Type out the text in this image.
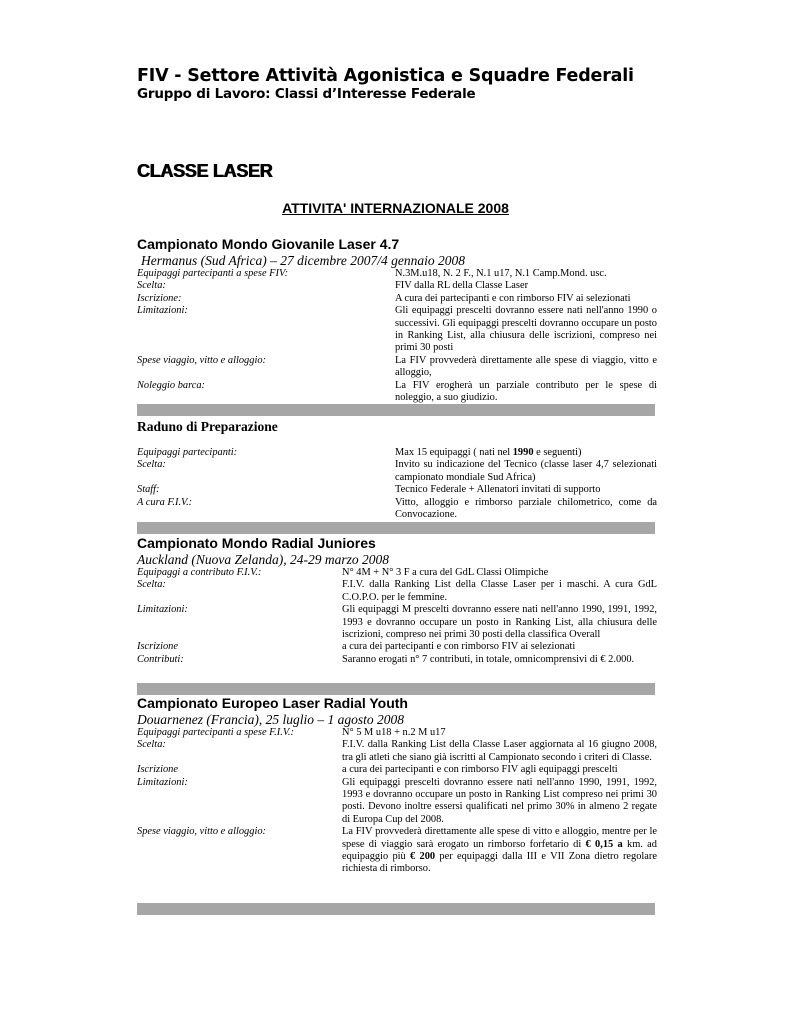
FIV - Settore Attività Agonistica e Squadre Federali
Gruppo di Lavoro: Classi d’Interesse Federale
CLASSE LASER
ATTIVITA' INTERNAZIONALE 2008
Campionato Mondo Giovanile Laser 4.7
Hermanus (Sud Africa) – 27 dicembre 2007/4 gennaio 2008
Equipaggi partecipanti a spese FIV:	N.3M.u18, N. 2 F., N.1 u17, N.1 Camp.Mond. usc.
Scelta:	FIV dalla RL della Classe Laser
Iscrizione:	A cura dei partecipanti e con rimborso FIV ai selezionati
Limitazioni:	Gli equipaggi prescelti dovranno essere nati nell'anno 1990 o successivi. Gli equipaggi prescelti dovranno occupare un posto in Ranking List, alla chiusura delle iscrizioni, compreso nei primi 30 posti
Spese viaggio, vitto e alloggio:	La FIV provvederà direttamente alle spese di viaggio, vitto e alloggio,
Noleggio barca:	La FIV erogherà un parziale contributo per le spese di noleggio, a suo giudizio.
Raduno di Preparazione
Equipaggi partecipanti:	Max 15 equipaggi ( nati nel 1990 e seguenti)
Scelta:	Invito su indicazione del Tecnico (classe laser 4,7 selezionati campionato mondiale Sud Africa)
Staff:	Tecnico Federale + Allenatori invitati di supporto
A cura F.I.V.:	Vitto, alloggio e rimborso parziale chilometrico, come da Convocazione.
Campionato Mondo Radial Juniores
Auckland (Nuova Zelanda), 24-29 marzo 2008
Equipaggi a contributo F.I.V.:	N° 4M + N° 3 F a cura del GdL Classi Olimpiche
Scelta:	F.I.V. dalla Ranking List della Classe Laser per i maschi. A cura GdL C.O.P.O. per le femmine.
Limitazioni:	Gli equipaggi M prescelti dovranno essere nati nell'anno 1990, 1991, 1992, 1993 e dovranno occupare un posto in Ranking List, alla chiusura delle iscrizioni, compreso nei primi 30 posti della classifica Overall
Iscrizione	a cura dei partecipanti e con rimborso FIV ai selezionati
Contributi:	Saranno erogati n° 7 contributi, in totale, omnicomprensivi di € 2.000.
Campionato Europeo Laser Radial Youth
Douarnenez (Francia), 25 luglio – 1 agosto 2008
Equipaggi partecipanti a spese F.I.V.:	N° 5 M u18 + n.2 M u17
Scelta:	F.I.V. dalla Ranking List della Classe Laser aggiornata al 16 giugno 2008, tra gli atleti che siano già iscritti al Campionato secondo i criteri di Classe.
Iscrizione	a cura dei partecipanti e con rimborso FIV agli equipaggi prescelti
Limitazioni:	Gli equipaggi prescelti dovranno essere nati nell'anno 1990, 1991, 1992, 1993 e dovranno occupare un posto in Ranking List compreso nei primi 30 posti. Devono inoltre essersi qualificati nel primo 30% in almeno 2 regate di Europa Cup del 2008.
Spese viaggio, vitto e alloggio:	La FIV provvederà direttamente alle spese di vitto e alloggio, mentre per le spese di viaggio sarà erogato un rimborso forfetario di € 0,15 a km. ad equipaggio più € 200 per equipaggi dalla III e VII Zona dietro regolare richiesta di rimborso.
